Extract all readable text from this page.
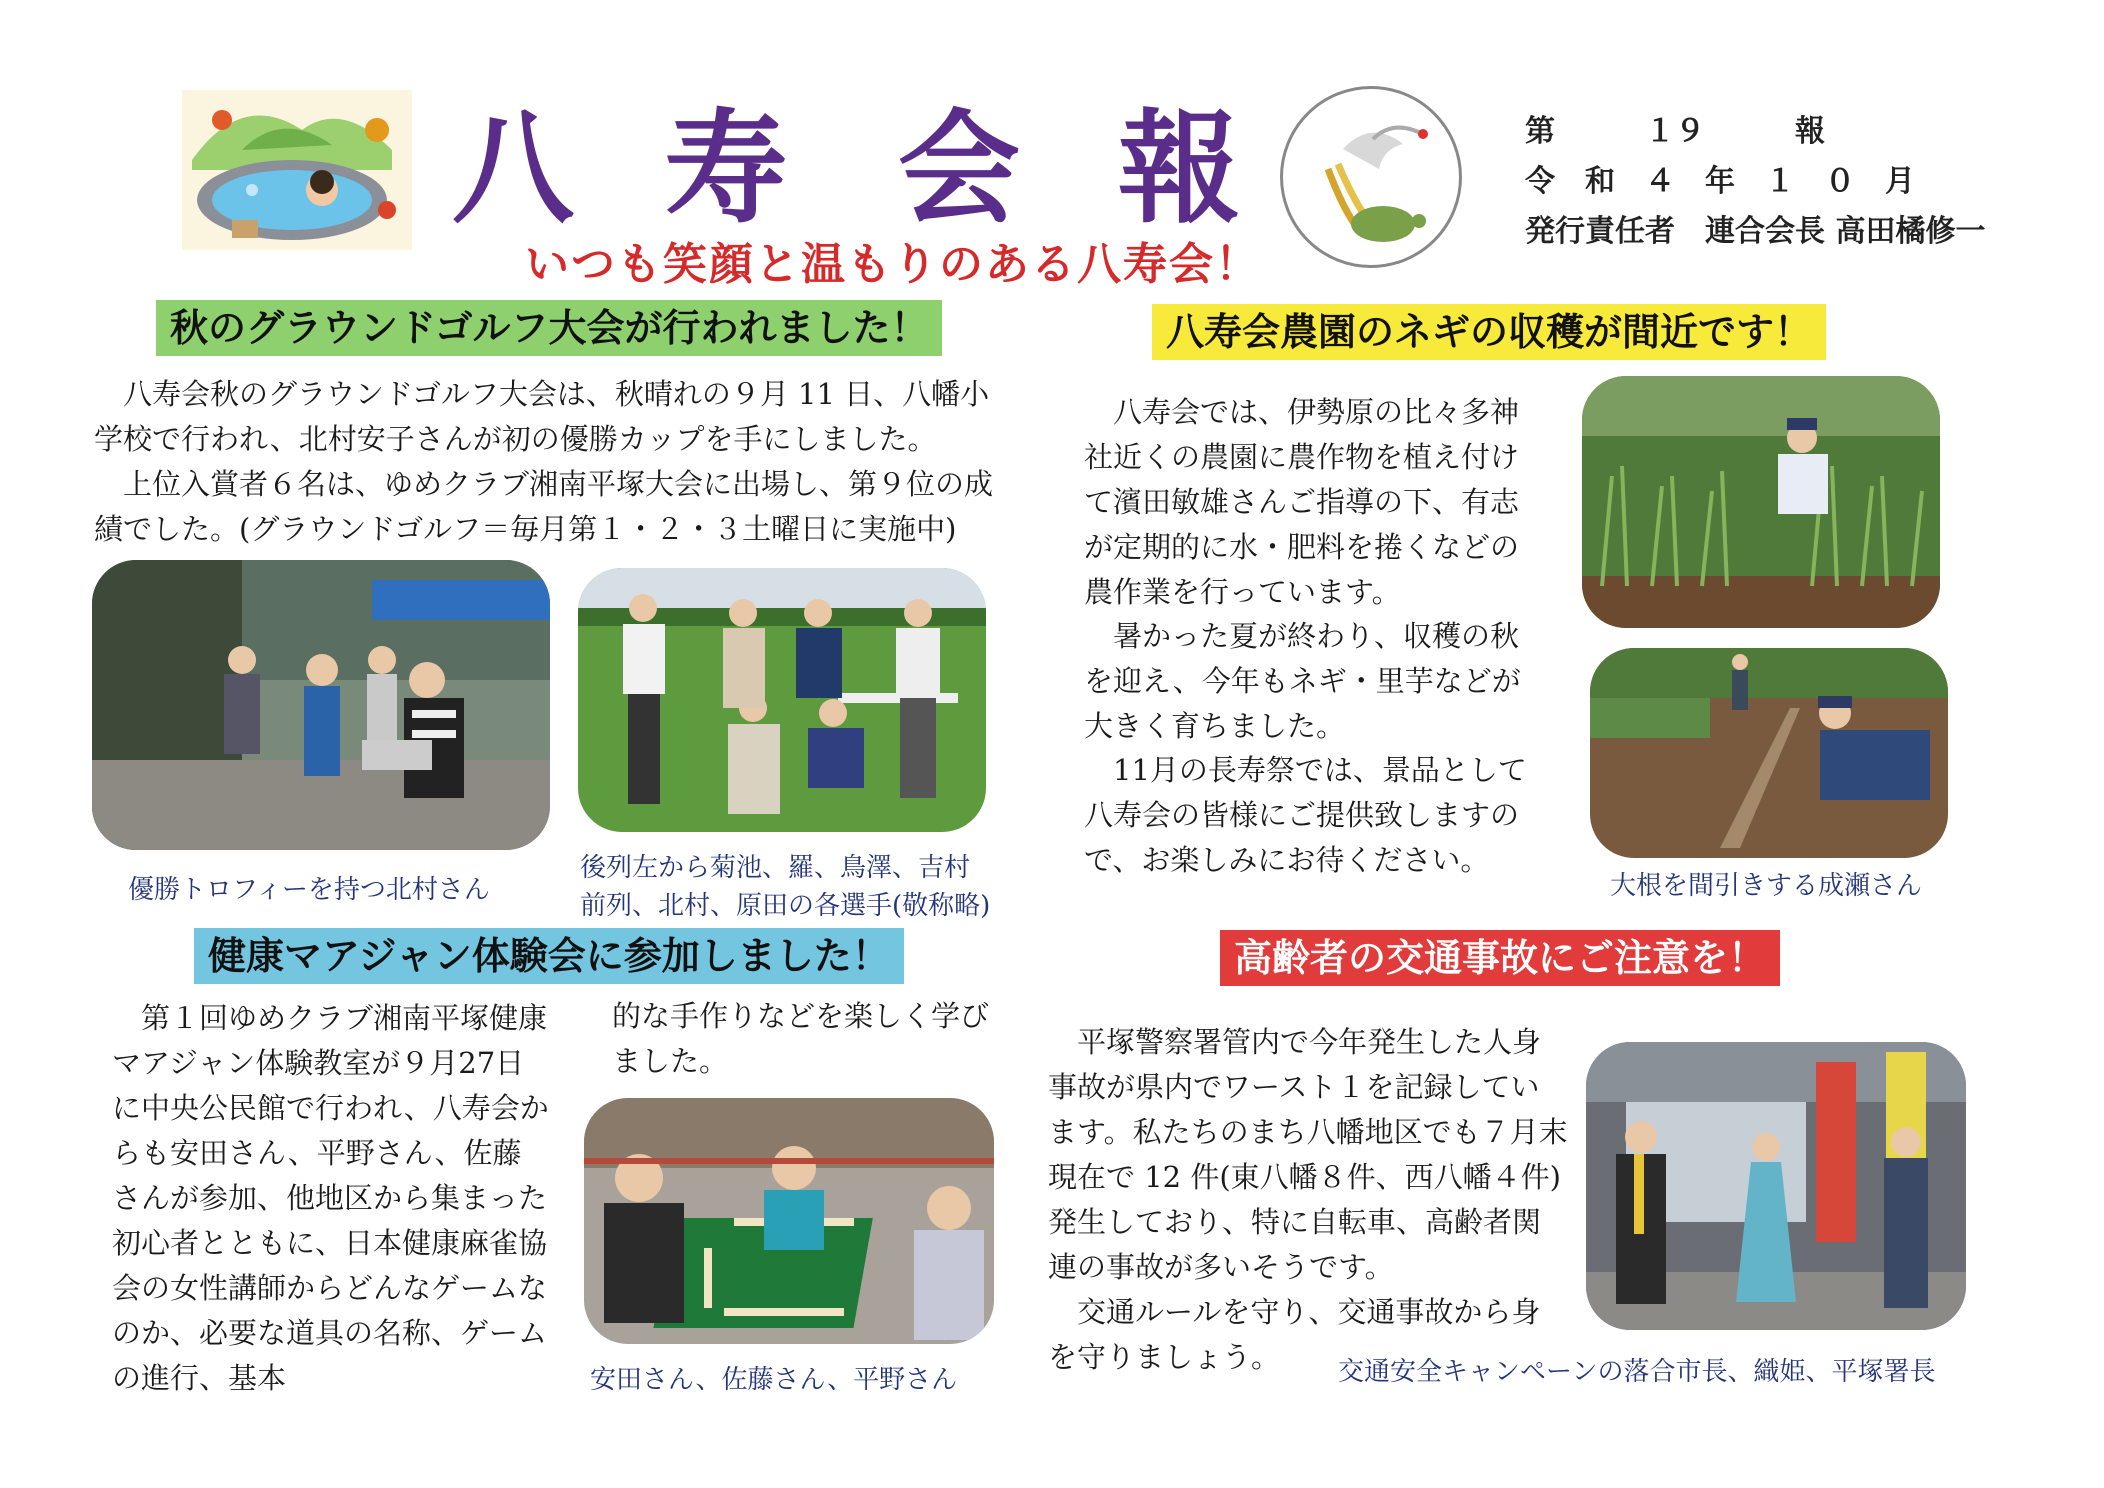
八 寿 会 報
いつも笑顔と温もりのある八寿会！
第　　　１９　　　報
令　和　４　年　１　０　月
発行責任者　連合会長 高田橘修一
秋のグラウンドゴルフ大会が行われました！
八寿会秋のグラウンドゴルフ大会は、秋晴れの９月 11 日、八幡小学校で行われ、北村安子さんが初の優勝カップを手にしました。
上位入賞者６名は、ゆめクラブ湘南平塚大会に出場し、第９位の成績でした。(グラウンドゴルフ＝毎月第１・２・３土曜日に実施中)
優勝トロフィーを持つ北村さん
後列左から菊池、羅、鳥澤、吉村
前列、北村、原田の各選手(敬称略)
八寿会農園のネギの収穫が間近です！
八寿会では、伊勢原の比々多神社近くの農園に農作物を植え付けて濱田敏雄さんご指導の下、有志が定期的に水・肥料を捲くなどの農作業を行っています。
暑かった夏が終わり、収穫の秋を迎え、今年もネギ・里芋などが大きく育ちました。
11月の長寿祭では、景品として八寿会の皆様にご提供致しますので、お楽しみにお待ください。
大根を間引きする成瀬さん
健康マアジャン体験会に参加しました！
第１回ゆめクラブ湘南平塚健康マアジャン体験教室が９月27日に中央公民館で行われ、八寿会からも安田さん、平野さん、佐藤さんが参加、他地区から集まった初心者とともに、日本健康麻雀協会の女性講師からどんなゲームなのか、必要な道具の名称、ゲームの進行、基本
的な手作りなどを楽しく学びました。
安田さん、佐藤さん、平野さん
高齢者の交通事故にご注意を！
平塚警察署管内で今年発生した人身事故が県内でワースト１を記録しています。私たちのまち八幡地区でも７月末現在で 12 件(東八幡８件、西八幡４件)発生しており、特に自転車、高齢者関連の事故が多いそうです。
交通ルールを守り、交通事故から身を守りましょう。	交通安全キャンペーンの落合市長、織姫、平塚署長
